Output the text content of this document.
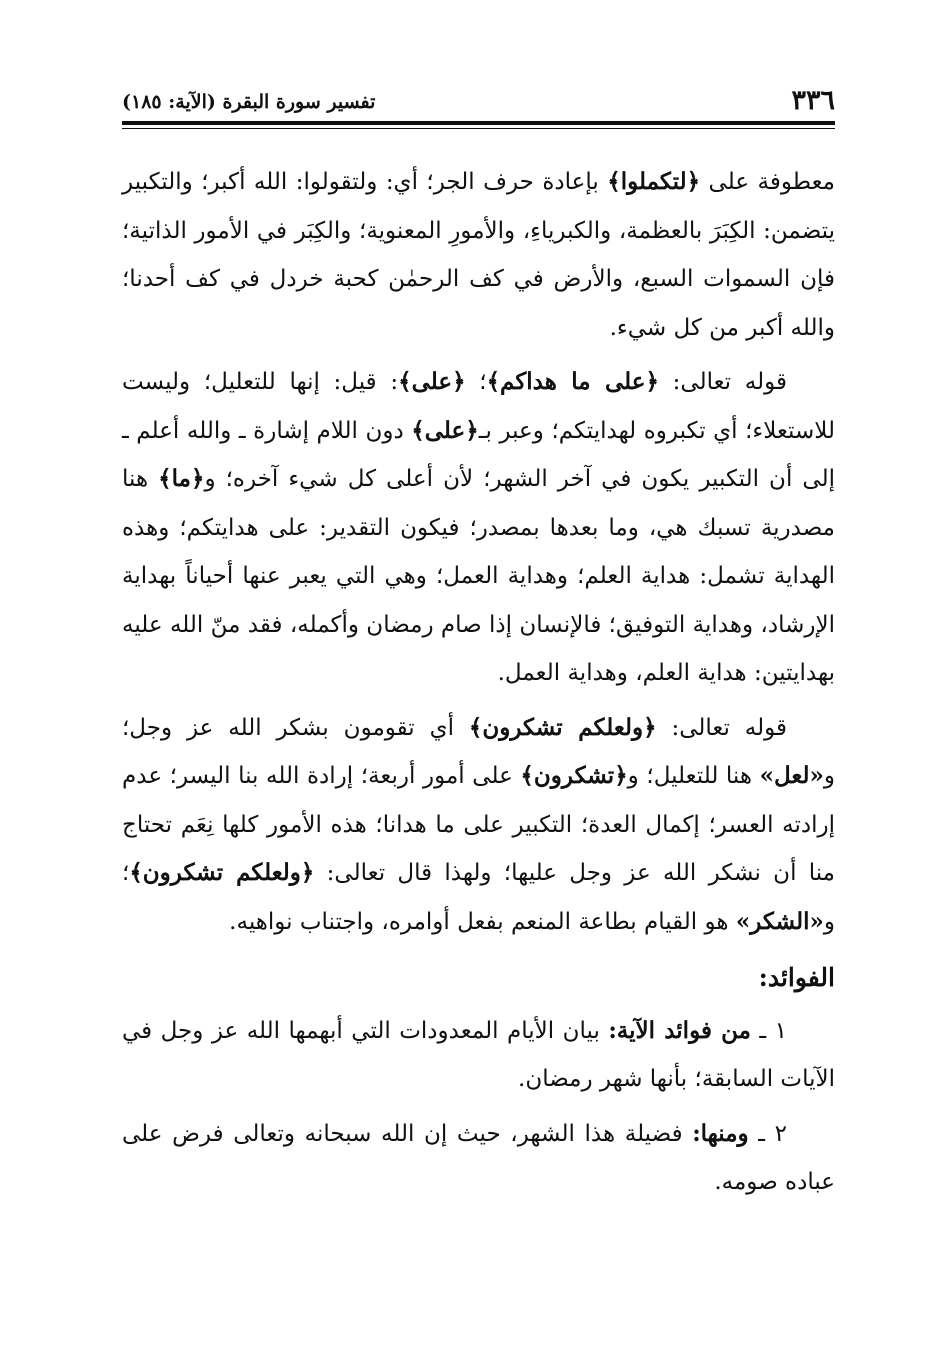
٣٣٦
تفسير سورة البقرة (الآية: ١٨٥)

معطوفة على ﴿لتكملوا﴾ بإعادة حرف الجر؛ أي: ولتقولوا: الله أكبر؛ والتكبير يتضمن: الكِبَرَ بالعظمة، والكبرياءِ، والأمورِ المعنوية؛ والكِبَر في الأمور الذاتية؛ فإن السموات السبع، والأرض في كف الرحمٰن كحبة خردل في كف أحدنا؛ والله أكبر من كل شيء.

قوله تعالى: ﴿على ما هداكم﴾؛ ﴿على﴾: قيل: إنها للتعليل؛ وليست للاستعلاء؛ أي تكبروه لهدايتكم؛ وعبر بـ﴿على﴾ دون اللام إشارة ـ والله أعلم ـ إلى أن التكبير يكون في آخر الشهر؛ لأن أعلى كل شيء آخره؛ و﴿ما﴾ هنا مصدرية تسبك هي، وما بعدها بمصدر؛ فيكون التقدير: على هدايتكم؛ وهذه الهداية تشمل: هداية العلم؛ وهداية العمل؛ وهي التي يعبر عنها أحياناً بهداية الإرشاد، وهداية التوفيق؛ فالإنسان إذا صام رمضان وأكمله، فقد منّ الله عليه بهدايتين: هداية العلم، وهداية العمل.

قوله تعالى: ﴿ولعلكم تشكرون﴾ أي تقومون بشكر الله عز وجل؛ و«لعل» هنا للتعليل؛ و﴿تشكرون﴾ على أمور أربعة؛ إرادة الله بنا اليسر؛ عدم إرادته العسر؛ إكمال العدة؛ التكبير على ما هدانا؛ هذه الأمور كلها نِعَم تحتاج منا أن نشكر الله عز وجل عليها؛ ولهذا قال تعالى: ﴿ولعلكم تشكرون﴾؛ و«الشكر» هو القيام بطاعة المنعم بفعل أوامره، واجتناب نواهيه.

الفوائد:

١ ـ من فوائد الآية: بيان الأيام المعدودات التي أبهمها الله عز وجل في الآيات السابقة؛ بأنها شهر رمضان.

٢ ـ ومنها: فضيلة هذا الشهر، حيث إن الله سبحانه وتعالى فرض على عباده صومه.
